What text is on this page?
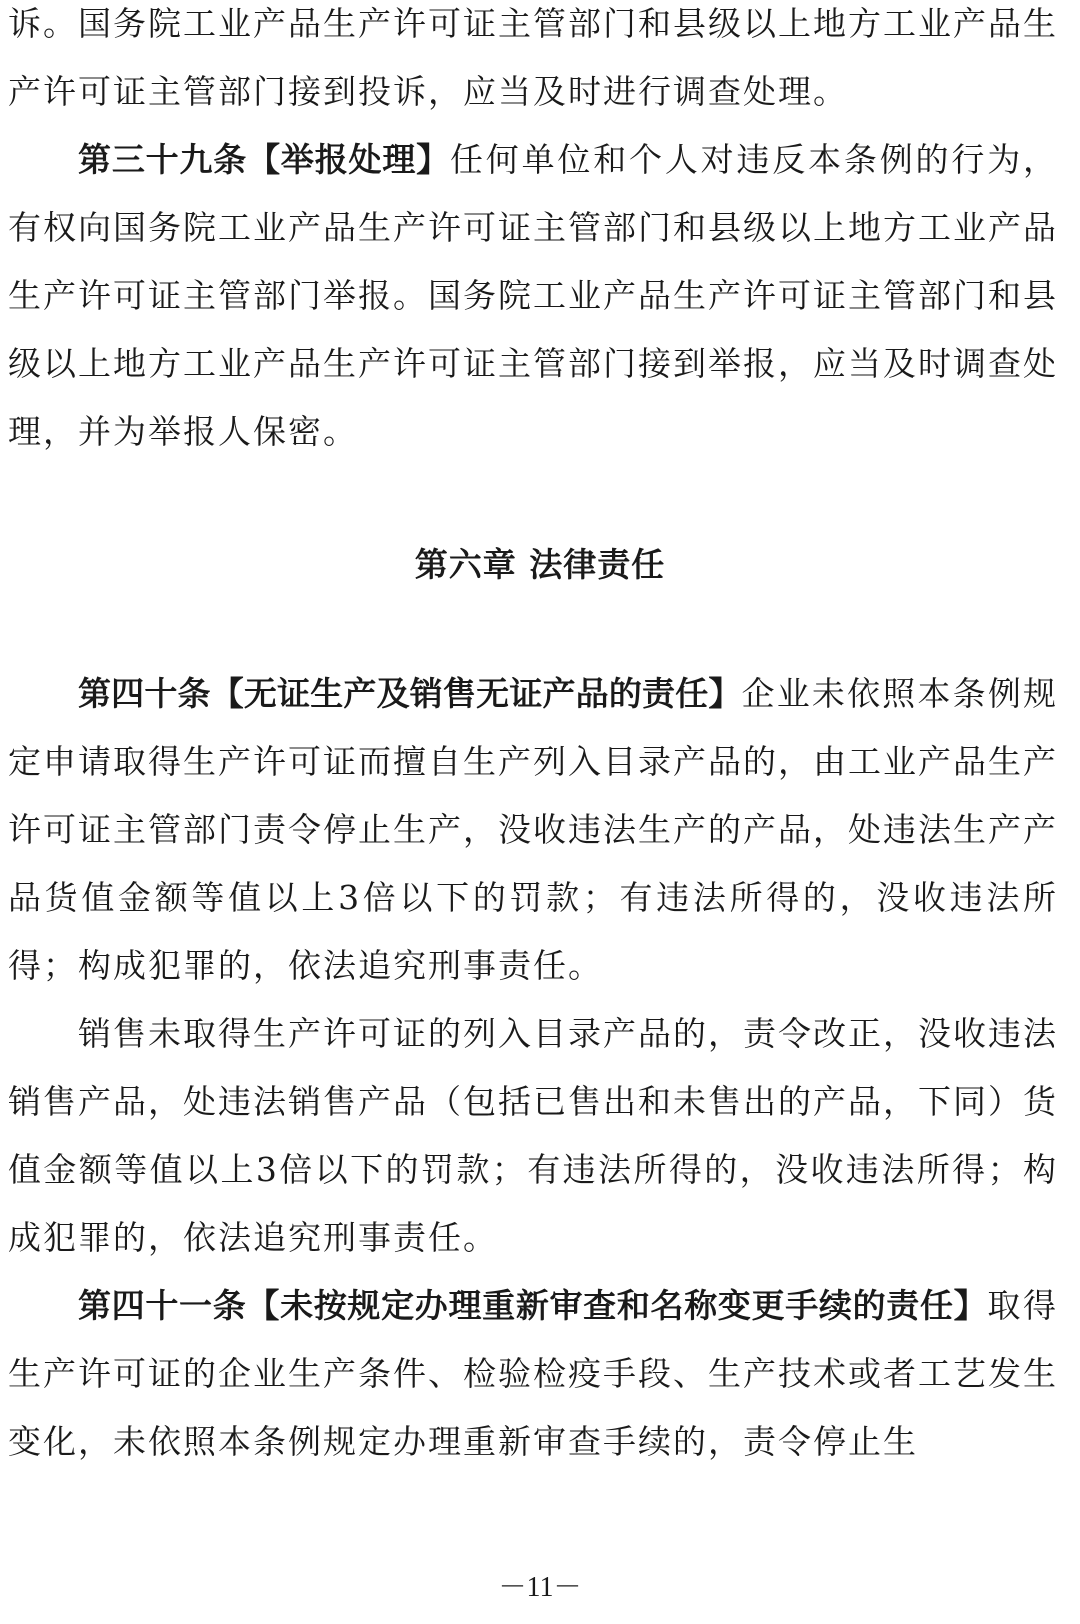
诉。国务院工业产品生产许可证主管部门和县级以上地方工业产品生产许可证主管部门接到投诉，应当及时进行调查处理。

第三十九条【举报处理】任何单位和个人对违反本条例的行为，有权向国务院工业产品生产许可证主管部门和县级以上地方工业产品生产许可证主管部门举报。国务院工业产品生产许可证主管部门和县级以上地方工业产品生产许可证主管部门接到举报，应当及时调查处理，并为举报人保密。

第六章 法律责任

第四十条【无证生产及销售无证产品的责任】企业未依照本条例规定申请取得生产许可证而擅自生产列入目录产品的，由工业产品生产许可证主管部门责令停止生产，没收违法生产的产品，处违法生产产品货值金额等值以上3倍以下的罚款；有违法所得的，没收违法所得；构成犯罪的，依法追究刑事责任。

销售未取得生产许可证的列入目录产品的，责令改正，没收违法销售产品，处违法销售产品（包括已售出和未售出的产品，下同）货值金额等值以上3倍以下的罚款；有违法所得的，没收违法所得；构成犯罪的，依法追究刑事责任。

第四十一条【未按规定办理重新审查和名称变更手续的责任】取得生产许可证的企业生产条件、检验检疫手段、生产技术或者工艺发生变化，未依照本条例规定办理重新审查手续的，责令停止生

－11－
